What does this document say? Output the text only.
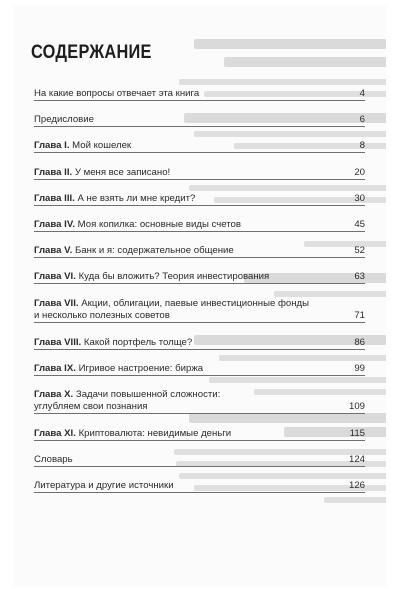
СОДЕРЖАНИЕ
На какие вопросы отвечает эта книга	4
Предисловие	6
Глава I. Мой кошелек	8
Глава II. У меня все записано!	20
Глава III. А не взять ли мне кредит?	30
Глава IV. Моя копилка: основные виды счетов	45
Глава V. Банк и я: содержательное общение	52
Глава VI. Куда бы вложить? Теория инвестирования	63
Глава VII. Акции, облигации, паевые инвестиционные фонды
и несколько полезных советов	71
Глава VIII. Какой портфель толще?	86
Глава IX. Игривое настроение: биржа	99
Глава X. Задачи повышенной сложности:
углубляем свои познания	109
Глава XI. Криптовалюта: невидимые деньги	115
Словарь	124
Литература и другие источники	126
